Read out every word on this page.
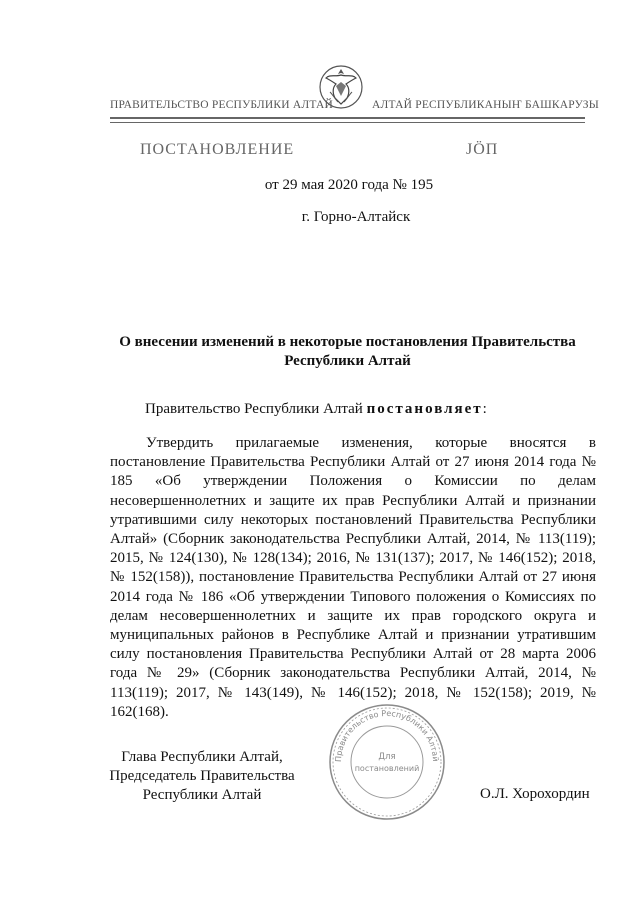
ПРАВИТЕЛЬСТВО РЕСПУБЛИКИ АЛТАЙ	АЛТАЙ РЕСПУБЛИКАНЫҤ БАШКАРУЗЫ
ПОСТАНОВЛЕНИЕ	ЈӦП
от 29 мая 2020 года № 195
г. Горно-Алтайск
О внесении изменений в некоторые постановления Правительства Республики Алтай
Правительство Республики Алтай постановляет:
Утвердить прилагаемые изменения, которые вносятся в постановление Правительства Республики Алтай от 27 июня 2014 года № 185 «Об утверждении Положения о Комиссии по делам несовершеннолетних и защите их прав Республики Алтай и признании утратившими силу некоторых постановлений Правительства Республики Алтай» (Сборник законодательства Республики Алтай, 2014, № 113(119); 2015, № 124(130), № 128(134); 2016, № 131(137); 2017, № 146(152); 2018, № 152(158)), постановление Правительства Республики Алтай от 27 июня 2014 года № 186 «Об утверждении Типового положения о Комиссиях по делам несовершеннолетних и защите их прав городского округа и муниципальных районов в Республике Алтай и признании утратившим силу постановления Правительства Республики Алтай от 28 марта 2006 года № 29» (Сборник законодательства Республики Алтай, 2014, № 113(119); 2017, № 143(149), № 146(152); 2018, № 152(158); 2019, № 162(168).
Глава Республики Алтай,
Председатель Правительства
Республики Алтай	О.Л. Хорохордин
Правительство Республики Алтай
Для
постановлений
